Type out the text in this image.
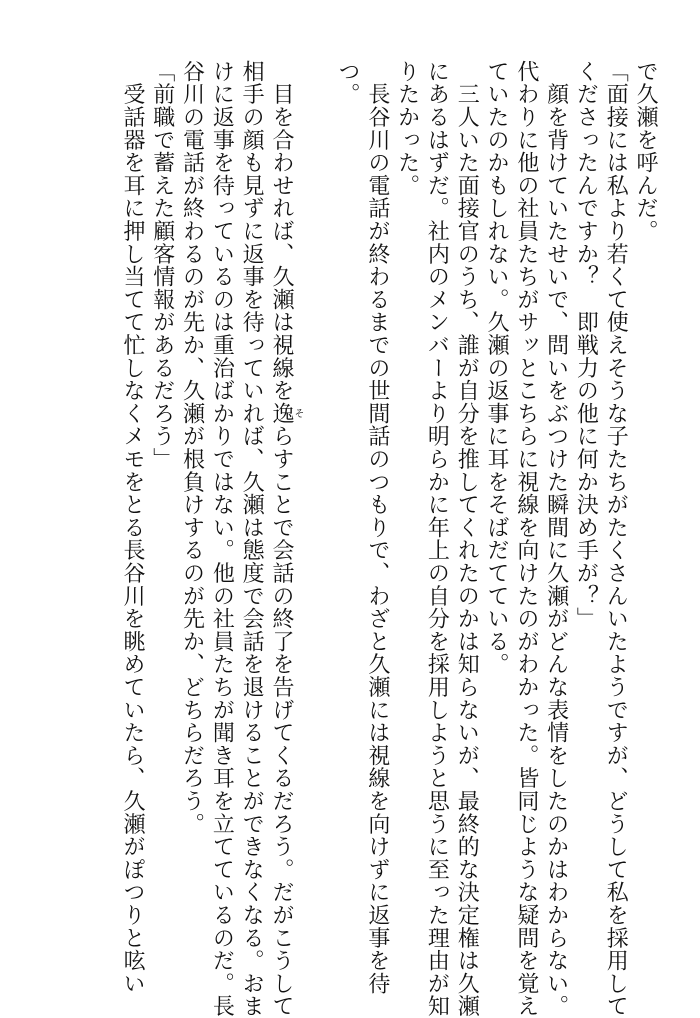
で久瀬を呼んだ。

「面接には私より若くて使えそうな子たちがたくさんいたようですが、どうして私を採用して

くださったんですか？　即戦力の他に何か決め手が？」

　顔を背けていたせいで、問いをぶつけた瞬間に久瀬がどんな表情をしたのかはわからない。

代わりに他の社員たちがサッとこちらに視線を向けたのがわかった。皆同じような疑問を覚え

ていたのかもしれない。久瀬の返事に耳をそばだてている。

　三人いた面接官のうち、誰が自分を推してくれたのかは知らないが、最終的な決定権は久瀬

にあるはずだ。社内のメンバーより明らかに年上の自分を採用しようと思うに至った理由が知

りたかった。

　長谷川の電話が終わるまでの世間話のつもりで、わざと久瀬には視線を向けずに返事を待

つ。

　目を合わせれば、久瀬は視線を逸そらすことで会話の終了を告げてくるだろう。だがこうして

相手の顔も見ずに返事を待っていれば、久瀬は態度で会話を退けることができなくなる。おま

けに返事を待っているのは重治ばかりではない。他の社員たちが聞き耳を立てているのだ。長

谷川の電話が終わるのが先か、久瀬が根負けするのが先か、どちらだろう。

「前職で蓄えた顧客情報があるだろう」

　受話器を耳に押し当てて忙しなくメモをとる長谷川を眺めていたら、久瀬がぽつりと呟い
